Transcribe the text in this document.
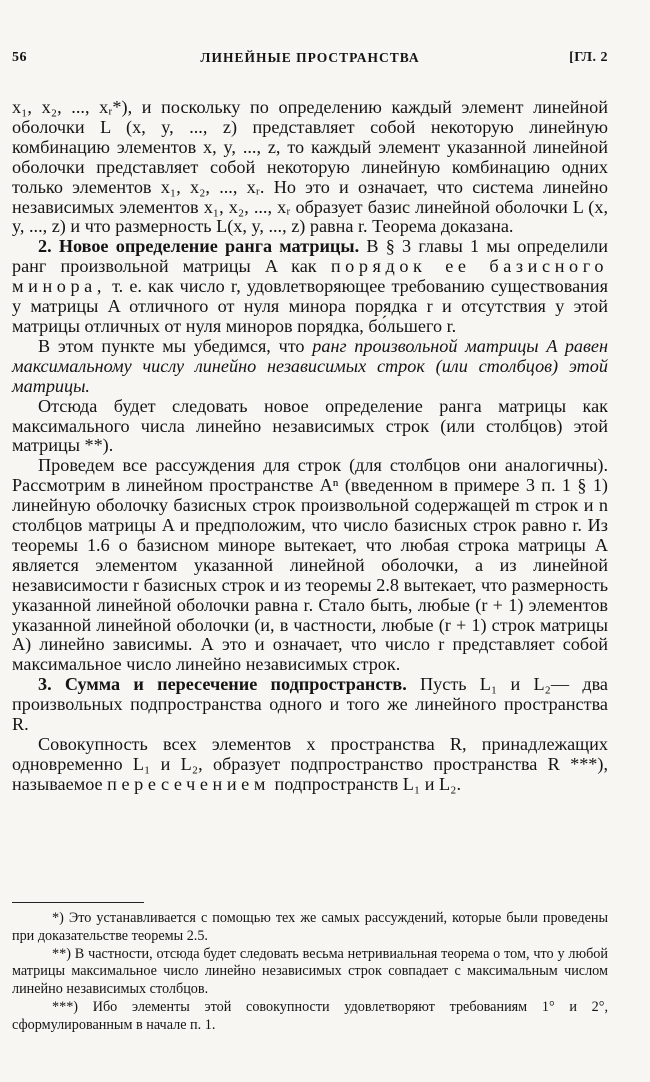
56	ЛИНЕЙНЫЕ ПРОСТРАНСТВА	[ГЛ. 2

x₁, x₂, ..., xᵣ*), и поскольку по определению каждый элемент линейной оболочки L (x, y, ..., z) представляет собой некоторую линейную комбинацию элементов x, y, ..., z, то каждый элемент указанной линейной оболочки представляет собой некоторую линейную комбинацию одних только элементов x₁, x₂, ..., xᵣ. Но это и означает, что система линейно независимых элементов x₁, x₂, ..., xᵣ образует базис линейной оболочки L (x, y, ..., z) и что размерность L(x, y, ..., z) равна r. Теорема доказана.

2. Новое определение ранга матрицы. В § 3 главы 1 мы определили ранг произвольной матрицы A как порядок ее базисного минора, т. е. как число r, удовлетворяющее требованию существования у матрицы A отличного от нуля минора порядка r и отсутствия у этой матрицы отличных от нуля миноров порядка, бо́льшего r.

В этом пункте мы убедимся, что ранг произвольной матрицы A равен максимальному числу линейно независимых строк (или столбцов) этой матрицы.

Отсюда будет следовать новое определение ранга матрицы как максимального числа линейно независимых строк (или столбцов) этой матрицы **).

Проведем все рассуждения для строк (для столбцов они аналогичны). Рассмотрим в линейном пространстве Aⁿ (введенном в примере 3 п. 1 § 1) линейную оболочку базисных строк произвольной содержащей m строк и n столбцов матрицы A и предположим, что число базисных строк равно r. Из теоремы 1.6 о базисном миноре вытекает, что любая строка матрицы A является элементом указанной линейной оболочки, а из линейной независимости r базисных строк и из теоремы 2.8 вытекает, что размерность указанной линейной оболочки равна r. Стало быть, любые (r + 1) элементов указанной линейной оболочки (и, в частности, любые (r + 1) строк матрицы A) линейно зависимы. А это и означает, что число r представляет собой максимальное число линейно независимых строк.

3. Сумма и пересечение подпространств. Пусть L₁ и L₂— два произвольных подпространства одного и того же линейного пространства R.

Совокупность всех элементов x пространства R, принадлежащих одновременно L₁ и L₂, образует подпространство пространства R ***), называемое пересечением подпространств L₁ и L₂.

*) Это устанавливается с помощью тех же самых рассуждений, которые были проведены при доказательстве теоремы 2.5.

**) В частности, отсюда будет следовать весьма нетривиальная теорема о том, что у любой матрицы максимальное число линейно независимых строк совпадает с максимальным числом линейно независимых столбцов.

***) Ибо элементы этой совокупности удовлетворяют требованиям 1° и 2°, сформулированным в начале п. 1.
